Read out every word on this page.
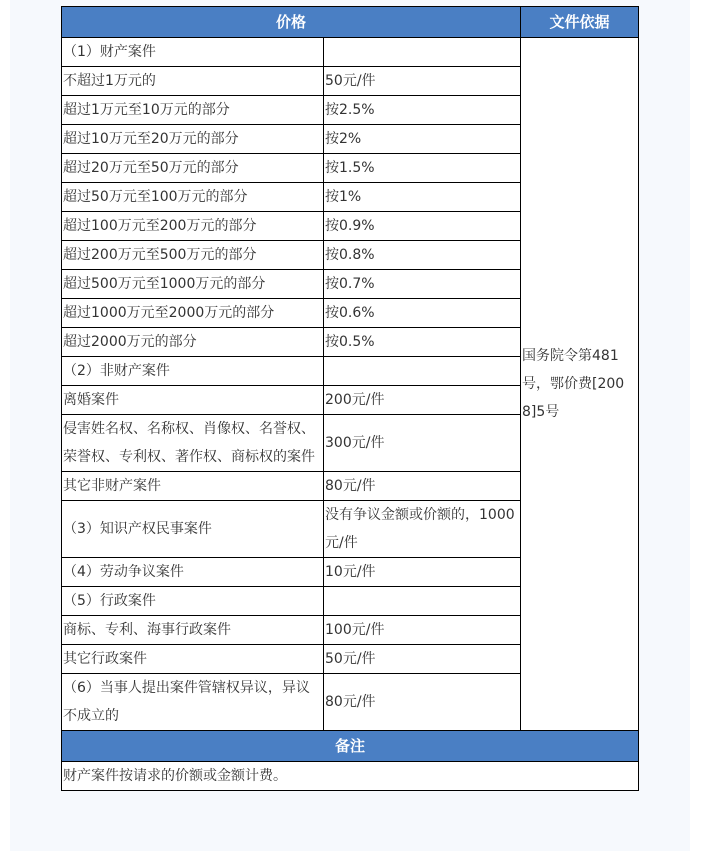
价格		文件依据
（1）财产案件		国务院令第481号，鄂价费[2008]5号
不超过1万元的	50元/件	
超过1万元至10万元的部分	按2.5%	
超过10万元至20万元的部分	按2%	
超过20万元至50万元的部分	按1.5%	
超过50万元至100万元的部分	按1%	
超过100万元至200万元的部分	按0.9%	
超过200万元至500万元的部分	按0.8%	
超过500万元至1000万元的部分	按0.7%	
超过1000万元至2000万元的部分	按0.6%	
超过2000万元的部分	按0.5%	
（2）非财产案件		
离婚案件	200元/件	
侵害姓名权、名称权、肖像权、名誉权、荣誉权、专利权、著作权、商标权的案件	300元/件	
其它非财产案件	80元/件	
（3）知识产权民事案件	没有争议金额或价额的，1000元/件	
（4）劳动争议案件	10元/件	
（5）行政案件		
商标、专利、海事行政案件	100元/件	
其它行政案件	50元/件	
（6）当事人提出案件管辖权异议，异议不成立的	80元/件	
备注		
财产案件按请求的价额或金额计费。		
